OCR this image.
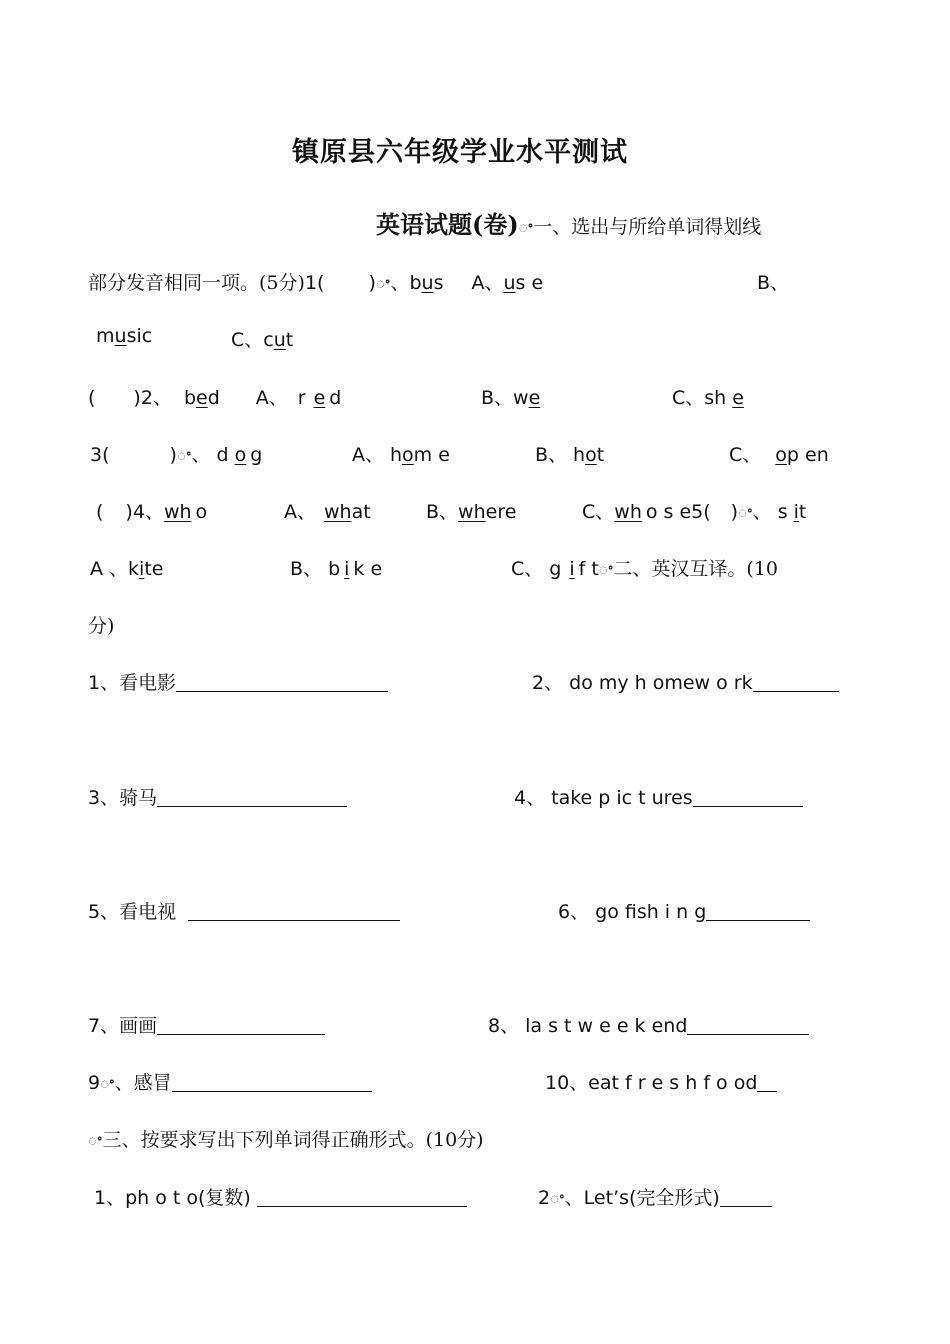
镇原县六年级学业水平测试
英语试题(卷)ꢀ一、选出与所给单词得划线
部分发音相同一项。(5分)1( )ꢀ、bus A、us e	B、
music	C、cut
( )2、 bed A、 r e d	B、we	C、sh e
3(	)ꢀ、 d o g	A、 hom e	B、 hot	C、 op en
( )4、wh o	A、 what	B、where	C、wh o s e5( )ꢀ、 s it
A 、kite	B、 b i k e	C、 g i f tꢀ二、英汉互译。(10
分)
1、看电影	2、 do my h omew o rk
3、骑马	4、 take p ic t ures
5、看电视	6、 go fish i n g
7、画画	8、 la s t w e e k end
9ꢀ、感冒	10、eat f r e s h f o od
ꢀ三、按要求写出下列单词得正确形式。(10分)
1、ph o t o(复数)	2ꢀ、Let’s(完全形式)
